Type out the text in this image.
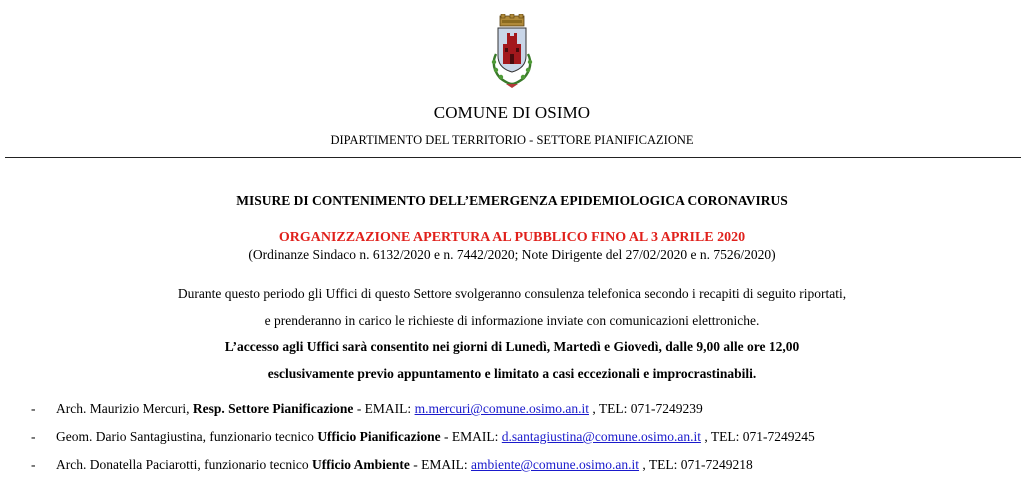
COMUNE DI OSIMO
DIPARTIMENTO DEL TERRITORIO - SETTORE PIANIFICAZIONE
MISURE DI CONTENIMENTO DELL’EMERGENZA EPIDEMIOLOGICA CORONAVIRUS
ORGANIZZAZIONE APERTURA AL PUBBLICO FINO AL 3 APRILE 2020
(Ordinanze Sindaco n. 6132/2020 e n. 7442/2020; Note Dirigente del 27/02/2020 e n. 7526/2020)
Durante questo periodo gli Uffici di questo Settore svolgeranno consulenza telefonica secondo i recapiti di seguito riportati,
e prenderanno in carico le richieste di informazione inviate con comunicazioni elettroniche.
L’accesso agli Uffici sarà consentito nei giorni di Lunedì, Martedì e Giovedì, dalle 9,00 alle ore 12,00
esclusivamente previo appuntamento e limitato a casi eccezionali e improcrastinabili.
- Arch. Maurizio Mercuri, Resp. Settore Pianificazione - EMAIL: m.mercuri@comune.osimo.an.it , TEL: 071-7249239
- Geom. Dario Santagiustina, funzionario tecnico Ufficio Pianificazione - EMAIL: d.santagiustina@comune.osimo.an.it , TEL: 071-7249245
- Arch. Donatella Paciarotti, funzionario tecnico Ufficio Ambiente - EMAIL: ambiente@comune.osimo.an.it , TEL: 071-7249218
